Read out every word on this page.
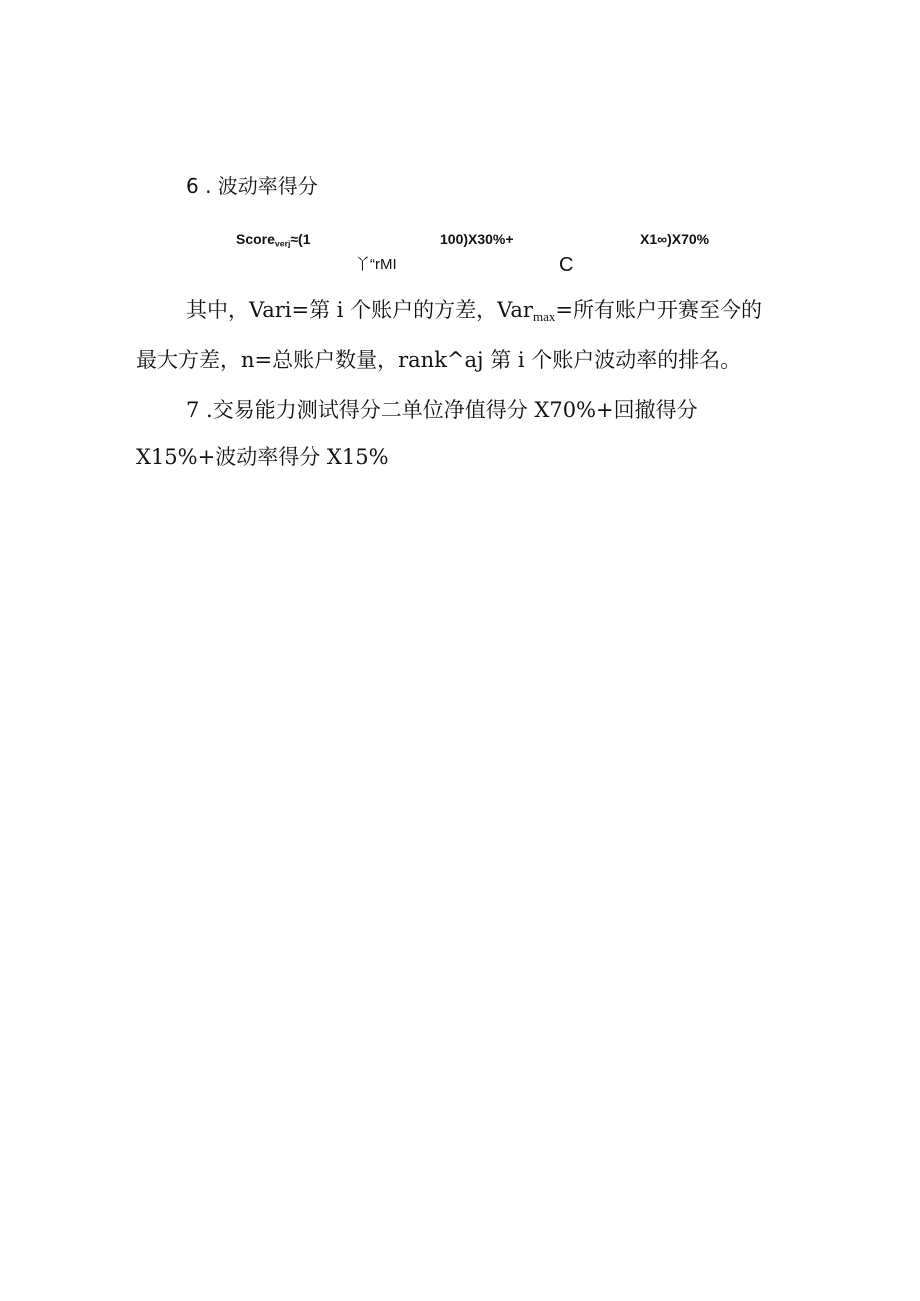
6 . 波动率得分
Score$_{verj}$≈(1	100)X30%+	X1∞)X70%
丫“rMI	C
其中，Vari=第 i 个账户的方差，Var$_{max}$=所有账户开赛至今的
最大方差，n=总账户数量，rank^aj 第 i 个账户波动率的排名。
7 .交易能力测试得分二单位净值得分 X70%+回撤得分
X15%+波动率得分 X15%
